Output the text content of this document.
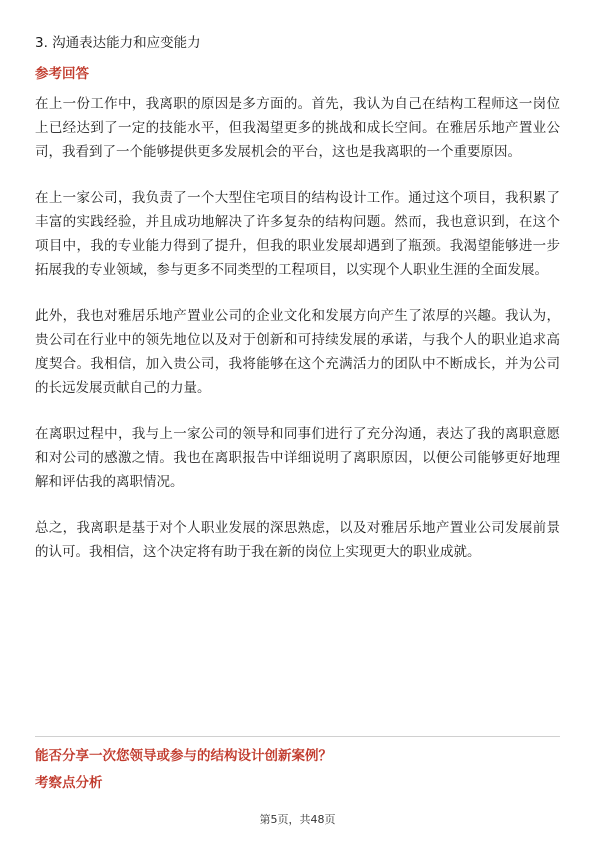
3. 沟通表达能力和应变能力
参考回答

在上一份工作中，我离职的原因是多方面的。首先，我认为自己在结构工程师这一岗位上已经达到了一定的技能水平，但我渴望更多的挑战和成长空间。在雅居乐地产置业公司，我看到了一个能够提供更多发展机会的平台，这也是我离职的一个重要原因。

在上一家公司，我负责了一个大型住宅项目的结构设计工作。通过这个项目，我积累了丰富的实践经验，并且成功地解决了许多复杂的结构问题。然而，我也意识到，在这个项目中，我的专业能力得到了提升，但我的职业发展却遇到了瓶颈。我渴望能够进一步拓展我的专业领域，参与更多不同类型的工程项目，以实现个人职业生涯的全面发展。

此外，我也对雅居乐地产置业公司的企业文化和发展方向产生了浓厚的兴趣。我认为，贵公司在行业中的领先地位以及对于创新和可持续发展的承诺，与我个人的职业追求高度契合。我相信，加入贵公司，我将能够在这个充满活力的团队中不断成长，并为公司的长远发展贡献自己的力量。

在离职过程中，我与上一家公司的领导和同事们进行了充分沟通，表达了我的离职意愿和对公司的感激之情。我也在离职报告中详细说明了离职原因，以便公司能够更好地理解和评估我的离职情况。

总之，我离职是基于对个人职业发展的深思熟虑，以及对雅居乐地产置业公司发展前景的认可。我相信，这个决定将有助于我在新的岗位上实现更大的职业成就。

能否分享一次您领导或参与的结构设计创新案例？
考察点分析
第5页，共48页
